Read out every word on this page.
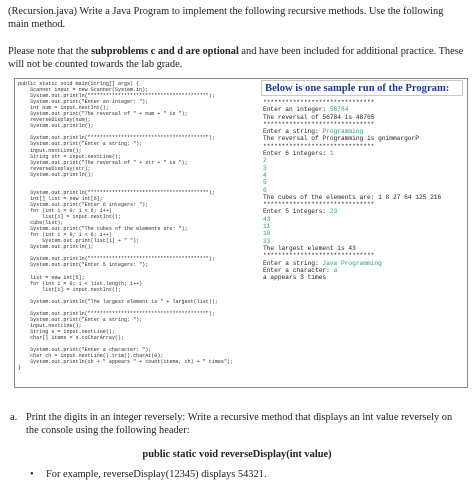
(Recursion.java) Write a Java Program to implement the following recursive methods. Use the following main method.
Please note that the subproblems c and d are optional and have been included for additional practice. These will not be counted towards the lab grade.
public static void main(String[] args) {
Scanner input = new Scanner(System.in);
System.out.println("**************************************");
System.out.print("Enter an integer: ");
int num = input.nextInt();
System.out.print("The reversal of " + num + " is ");
reverseDisplay(num);
System.out.println();
System.out.println("**************************************");
System.out.print("Enter a string: ");
input.nextLine();
String str = input.nextLine();
System.out.print("The reversal of " + str + " is ");
reverseDisplay(str);
System.out.println();
System.out.println("**************************************");
int[] list = new int[6];
System.out.print("Enter 6 integers: ");
for (int i = 0; i < 6; i++)
list[i] = input.nextInt();
cube(list);
System.out.print("The cubes of the elements are: ");
for (int i = 0; i < 6; i++)
System.out.print(list[i] + " ");
System.out.println();
System.out.println("**************************************");
System.out.print("Enter 5 integers: ");
list = new int[5];
for (int i = 0; i < list.length; i++)
list[i] = input.nextInt();
System.out.println("The largest element is " + largest(list));
System.out.println("**************************************");
System.out.print("Enter a string: ");
input.nextLine();
String s = input.nextLine();
char[] items = s.toCharArray();
System.out.print("Enter a character: ");
char ch = input.nextLine().trim().charAt(0);
System.out.println(ch + " appears " + count(items, ch) + " times");
}
Below is one sample run of the Program:
******************************
Enter an integer: 56784
The reversal of 56784 is 48765
******************************
Enter a string: Programming
The reversal of Programming is gnimmargorP
******************************
Enter 6 integers: 1
2
3
4
5
6
The cubes of the elements are: 1 8 27 64 125 216
******************************
Enter 5 integers: 23
43
11
10
33
The largest element is 43
******************************
Enter a string: Java Programming
Enter a character: a
a appears 3 times
a. Print the digits in an integer reversely: Write a recursive method that displays an int value reversely on the console using the following header:
public static void reverseDisplay(int value)
• For example, reverseDisplay(12345) displays 54321.
